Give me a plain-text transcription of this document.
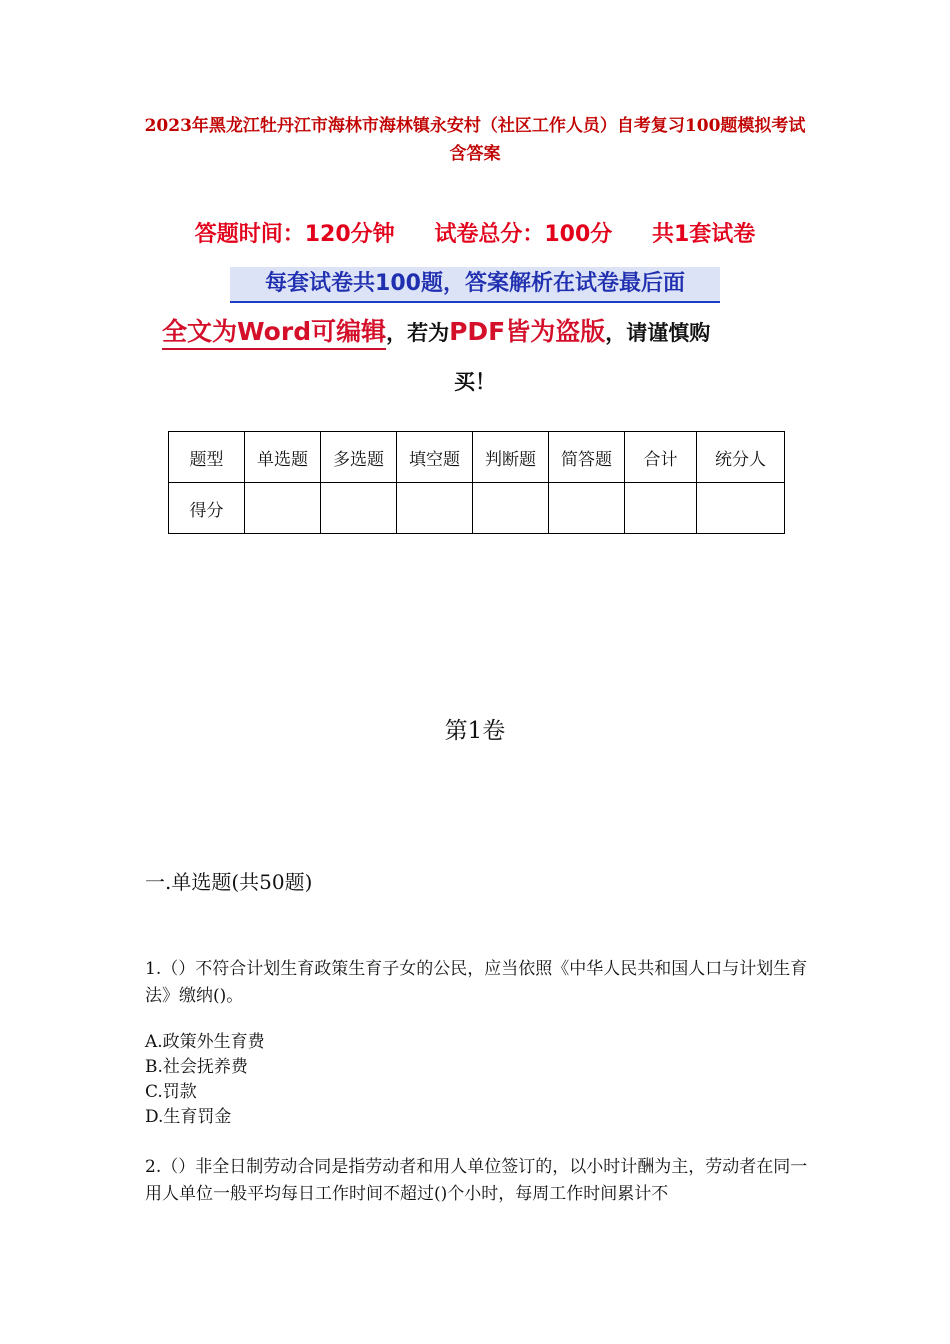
2023年黑龙江牡丹江市海林市海林镇永安村（社区工作人员）自考复习100题模拟考试含答案
答题时间：120分钟 试卷总分：100分 共1套试卷
每套试卷共100题，答案解析在试卷最后面
全文为Word可编辑，若为PDF皆为盗版，请谨慎购
买！
题型	单选题	多选题	填空题	判断题	简答题	合计	统分人
得分							
第1卷
一.单选题(共50题)
1.（）不符合计划生育政策生育子女的公民，应当依照《中华人民共和国人口与计划生育法》缴纳()。
A.政策外生育费
B.社会抚养费
C.罚款
D.生育罚金
2.（）非全日制劳动合同是指劳动者和用人单位签订的，以小时计酬为主，劳动者在同一用人单位一般平均每日工作时间不超过()个小时，每周工作时间累计不
